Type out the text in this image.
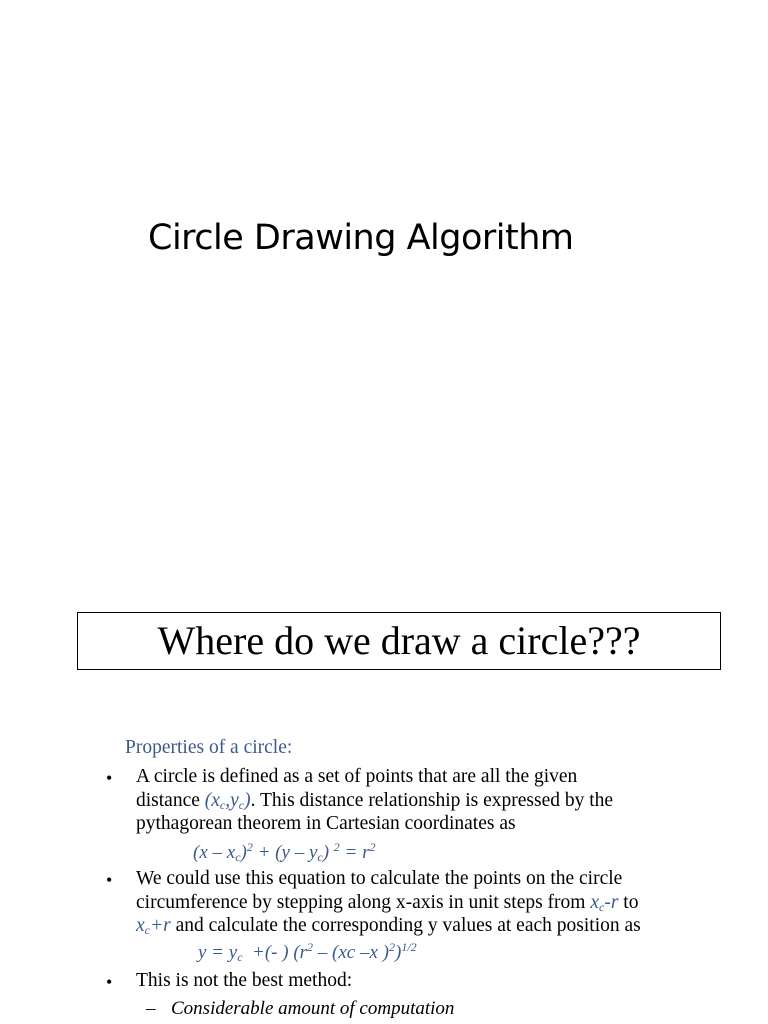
Circle Drawing Algorithm
Where do we draw a circle???
Properties of a circle:
• A circle is defined as a set of points that are all the given
distance $(x_c,y_c)$. This distance relationship is expressed by the
pythagorean theorem in Cartesian coordinates as
$(x - x_c)^2 + (y - y_c)$ $^2 = r^2$
• We could use this equation to calculate the points on the circle
circumference by stepping along x-axis in unit steps from $x_c-r$ to
$x_c+r$ and calculate the corresponding y values at each position as
$y = y_c$  +(- ) ($r^2 - (xc$ –x )$^2$)$^{1/2}$
• This is not the best method:
– Considerable amount of computation
